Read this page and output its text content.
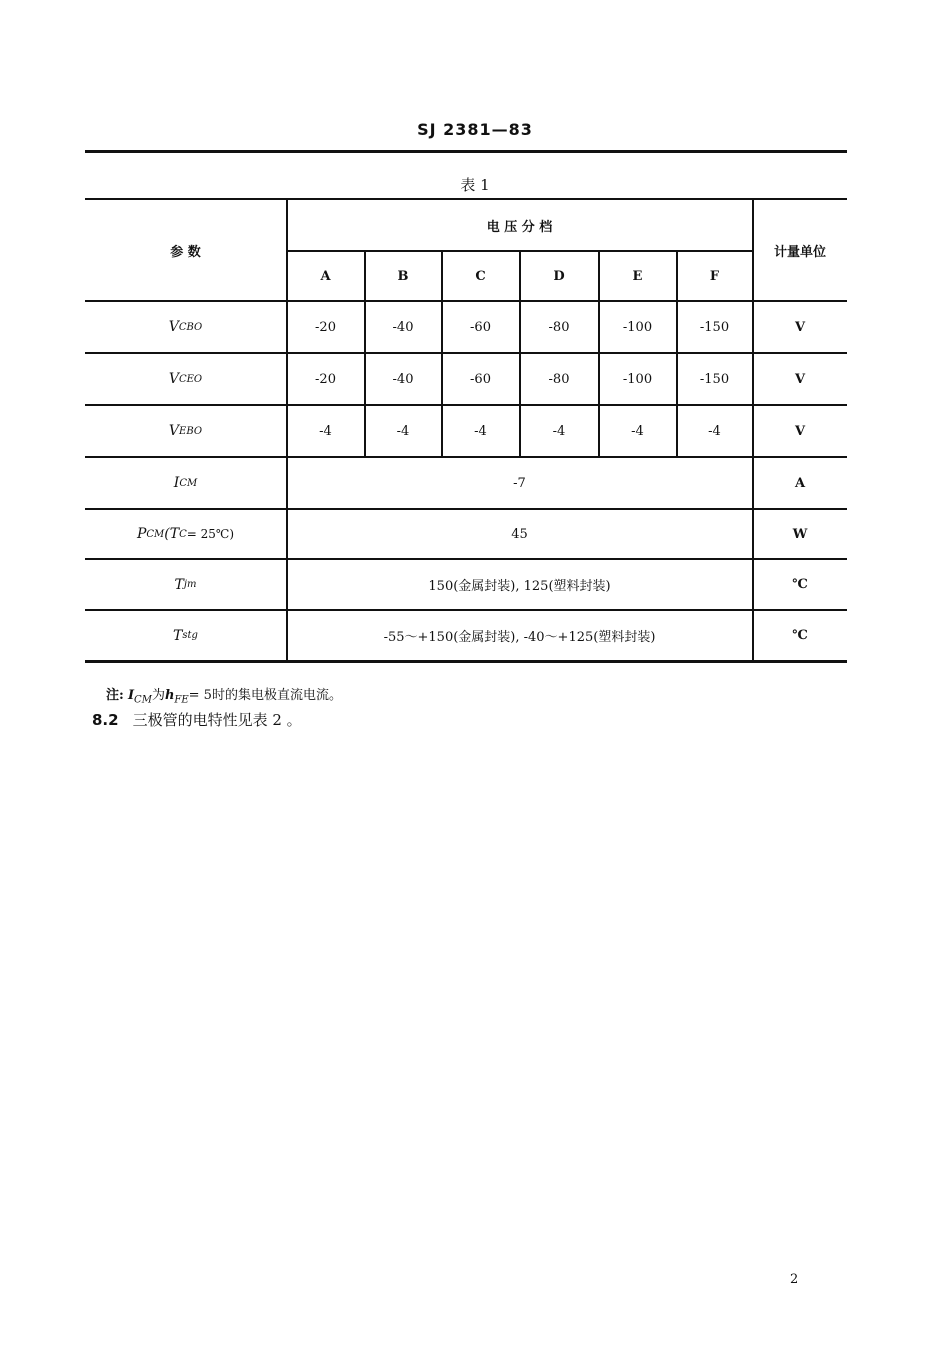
SJ 2381—83
表 1
参 数
电 压 分 档
计量单位
A	B	C	D	E	F
V CBO	-20	-40	-60	-80	-100	-150	V
V CEO	-20	-40	-60	-80	-100	-150	V
V EBO	-4	-4	-4	-4	-4	-4	V
I CM	-7	A
P CM (T C = 25℃)	45	W
T jm	150(金属封装), 125(塑料封装)	℃
T stg	-55～+150(金属封装), -40～+125(塑料封装)	℃
注: $I_{CM}$为$h_{FE}= 5$时的集电极直流电流。
8.2 三极管的电特性见表 2 。
2
